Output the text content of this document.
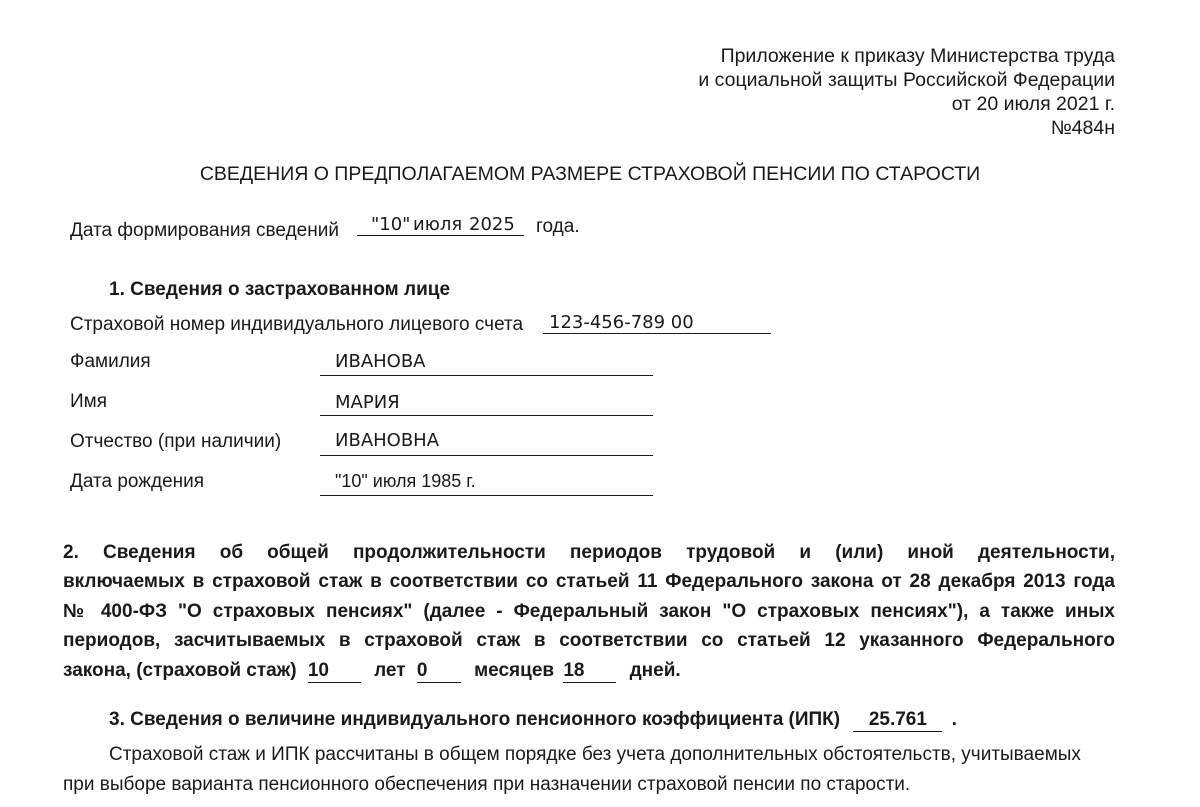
Приложение к приказу Министерства труда
и социальной защиты Российской Федерации
от 20 июля 2021 г.
№484н
СВЕДЕНИЯ О ПРЕДПОЛАГАЕМОМ РАЗМЕРЕ СТРАХОВОЙ ПЕНСИИ ПО СТАРОСТИ
Дата формирования сведений "10" июля 2025 года.
1. Сведения о застрахованном лице
Страховой номер индивидуального лицевого счета 123-456-789 00
Фамилия	ИВАНОВА
Имя	МАРИЯ
Отчество (при наличии)	ИВАНОВНА
Дата рождения	"10" июля 1985 г.
2. Сведения об общей продолжительности периодов трудовой и (или) иной деятельности,
включаемых в страховой стаж в соответствии со статьей 11 Федерального закона от 28 декабря 2013 года
№ 400-ФЗ "О страховых пенсиях" (далее - Федеральный закон "О страховых пенсиях"), а также иных
периодов, засчитываемых в страховой стаж в соответствии со статьей 12 указанного Федерального
закона, (страховой стаж) 10 лет 0 месяцев 18 дней.
3. Сведения о величине индивидуального пенсионного коэффициента (ИПК) 25.761 .
Страховой стаж и ИПК рассчитаны в общем порядке без учета дополнительных обстоятельств, учитываемых
при выборе варианта пенсионного обеспечения при назначении страховой пенсии по старости.
